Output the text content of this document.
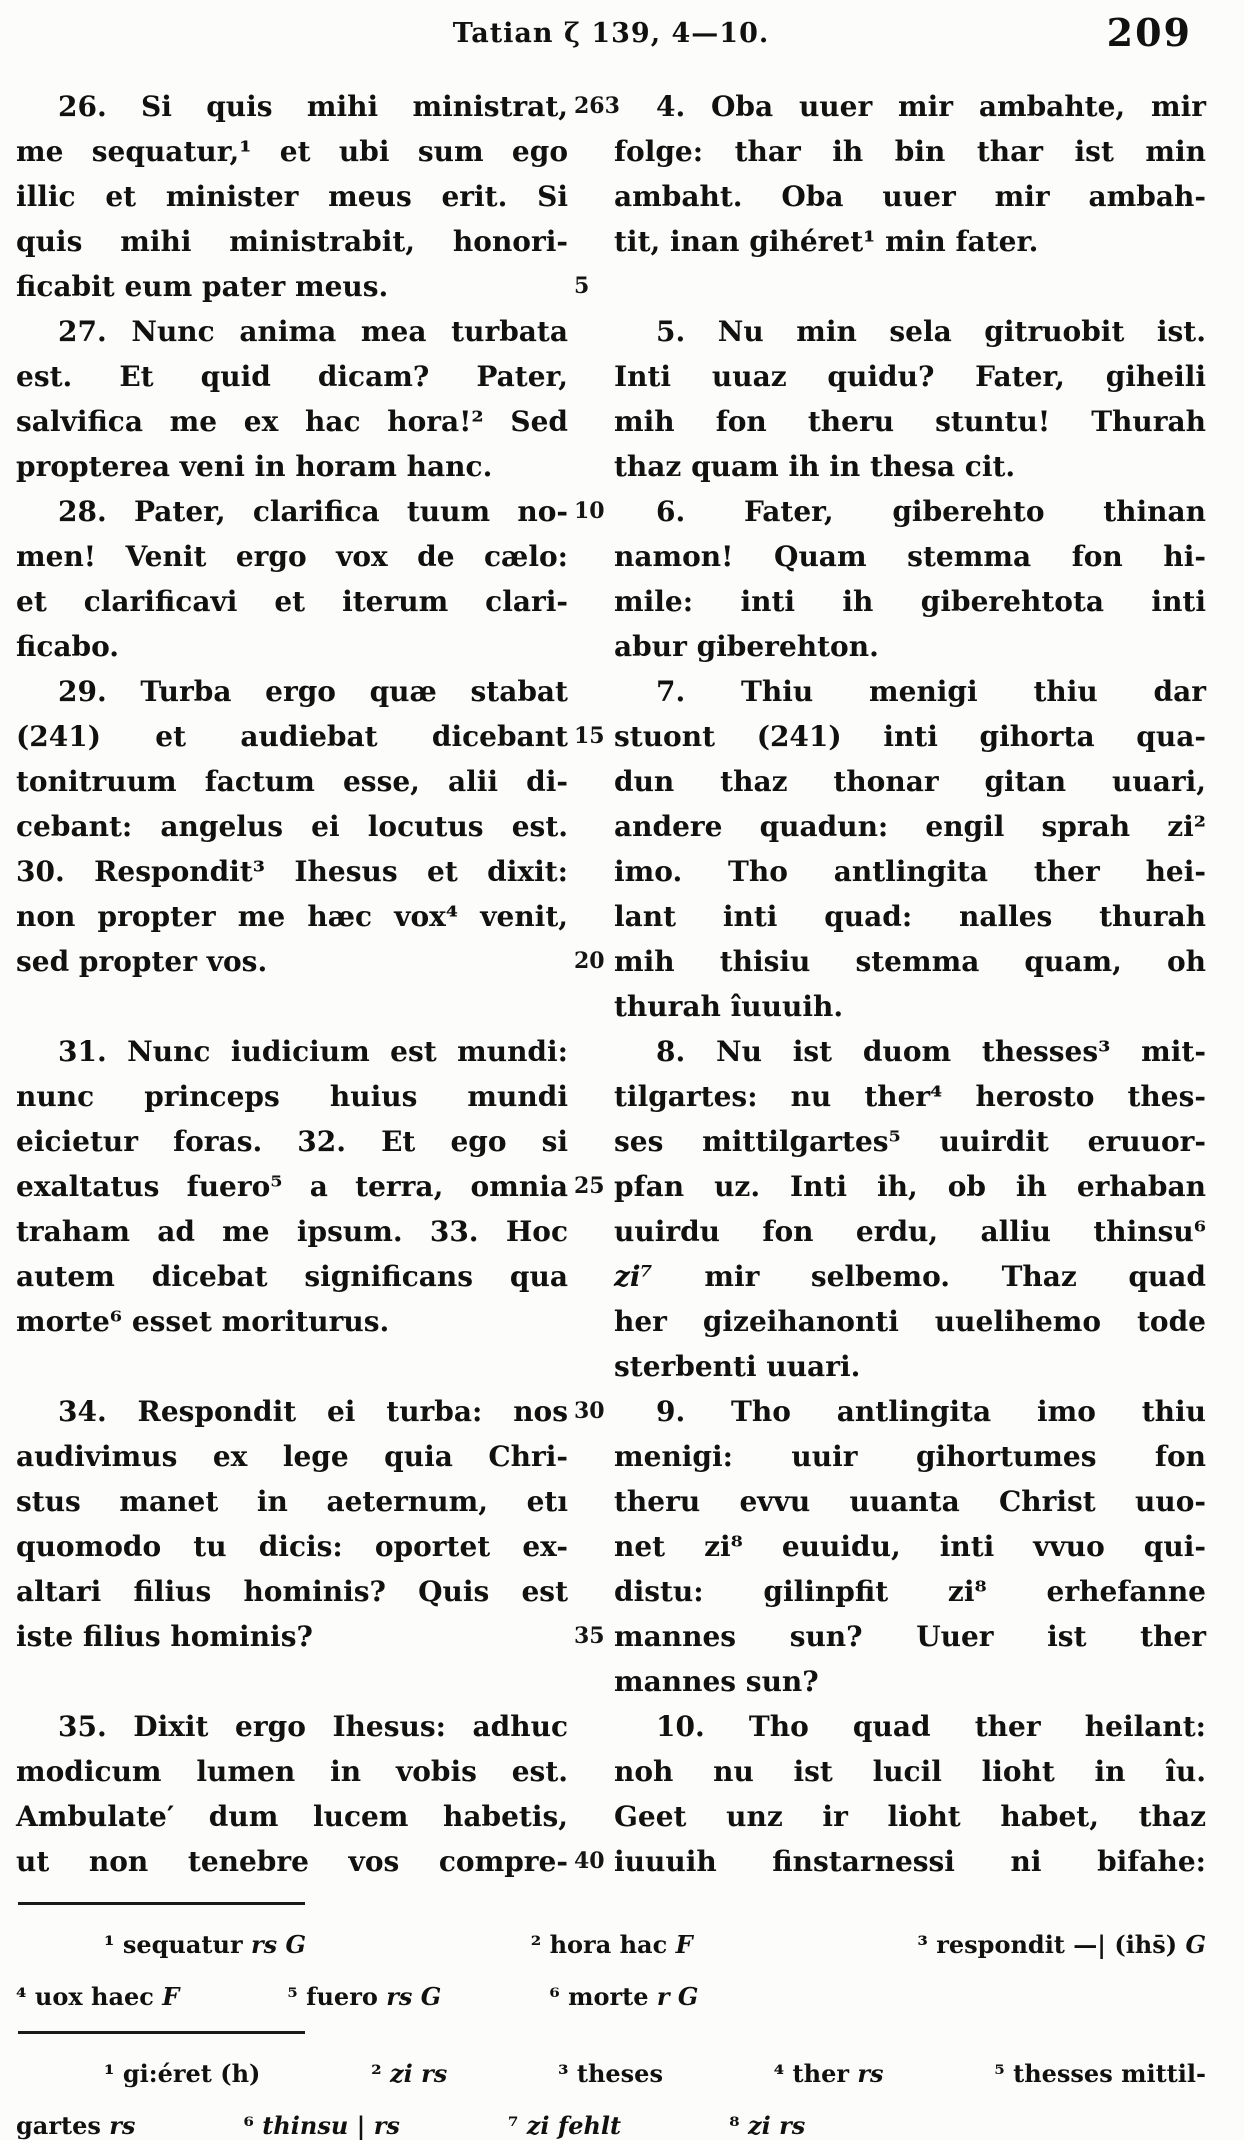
Tatian ζ 139, 4—10.	209
26. Si quis mihi ministrat,
me sequatur,¹ et ubi sum ego
illic et minister meus erit. Si
quis mihi ministrabit, honori-
ficabit eum pater meus.
27. Nunc anima mea turbata
est. Et quid dicam? Pater,
salvifica me ex hac hora!² Sed
propterea veni in horam hanc.
28. Pater, clarifica tuum no-
men! Venit ergo vox de cælo:
et clarificavi et iterum clari-
ficabo.
29. Turba ergo quæ stabat
(241) et audiebat dicebant
tonitruum factum esse, alii di-
cebant: angelus ei locutus est.
30. Respondit³ Ihesus et dixit:
non propter me hæc vox⁴ venit,
sed propter vos.

31. Nunc iudicium est mundi:
nunc princeps huius mundi
eicietur foras. 32. Et ego si
exaltatus fuero⁵ a terra, omnia
traham ad me ipsum. 33. Hoc
autem dicebat significans qua
morte⁶ esset moriturus.

34. Respondit ei turba: nos
audivimus ex lege quia Chri-
stus manet in aeternum, etı
quomodo tu dicis: oportet ex-
altari filius hominis? Quis est
iste filius hominis?

35. Dixit ergo Ihesus: adhuc
modicum lumen in vobis est.
Ambulate′ dum lucem habetis,
ut non tenebre vos compre-
263

5

10

15

20

25

30

35

40
4. Oba uuer mir ambahte, mir
folge: thar ih bin thar ist min
ambaht. Oba uuer mir ambah-
tit, inan gihéret¹ min fater.

5. Nu min sela gitruobit ist.
Inti uuaz quidu? Fater, giheili
mih fon theru stuntu! Thurah
thaz quam ih in thesa cit.
6. Fater, giberehto thinan
namon! Quam stemma fon hi-
mile: inti ih giberehtota inti
abur giberehton.
7. Thiu menigi thiu dar
stuont (241) inti gihorta qua-
dun thaz thonar gitan uuari,
andere quadun: engil sprah zi²
imo. Tho antlingita ther hei-
lant inti quad: nalles thurah
mih thisiu stemma quam, oh
thurah îuuuih.
8. Nu ist duom thesses³ mit-
tilgartes: nu ther⁴ herosto thes-
ses mittilgartes⁵ uuirdit eruuor-
pfan uz. Inti ih, ob ih erhaban
uuirdu fon erdu, alliu thinsu⁶
zi⁷ mir selbemo. Thaz quad
her gizeihanonti uuelihemo tode
sterbenti uuari.
9. Tho antlingita imo thiu
menigi: uuir gihortumes fon
theru evvu uuanta Christ uuo-
net zi⁸ euuidu, inti vvuo qui-
distu: gilinpfit zi⁸ erhefanne
mannes sun? Uuer ist ther
mannes sun?
10. Tho quad ther heilant:
noh nu ist lucil lioht in îu.
Geet unz ir lioht habet, thaz
iuuuih finstarnessi ni bifahe:
¹ sequatur rs G	² hora hac F	³ respondit —| (ihs̄) G
⁴ uox haec F	⁵ fuero rs G	⁶ morte r G
¹ gi:éret (h)	² zi rs	³ theses	⁴ ther rs	⁵ thesses mittil-
gartes rs	⁶ thinsu | rs	⁷ zi fehlt	⁸ zi rs
